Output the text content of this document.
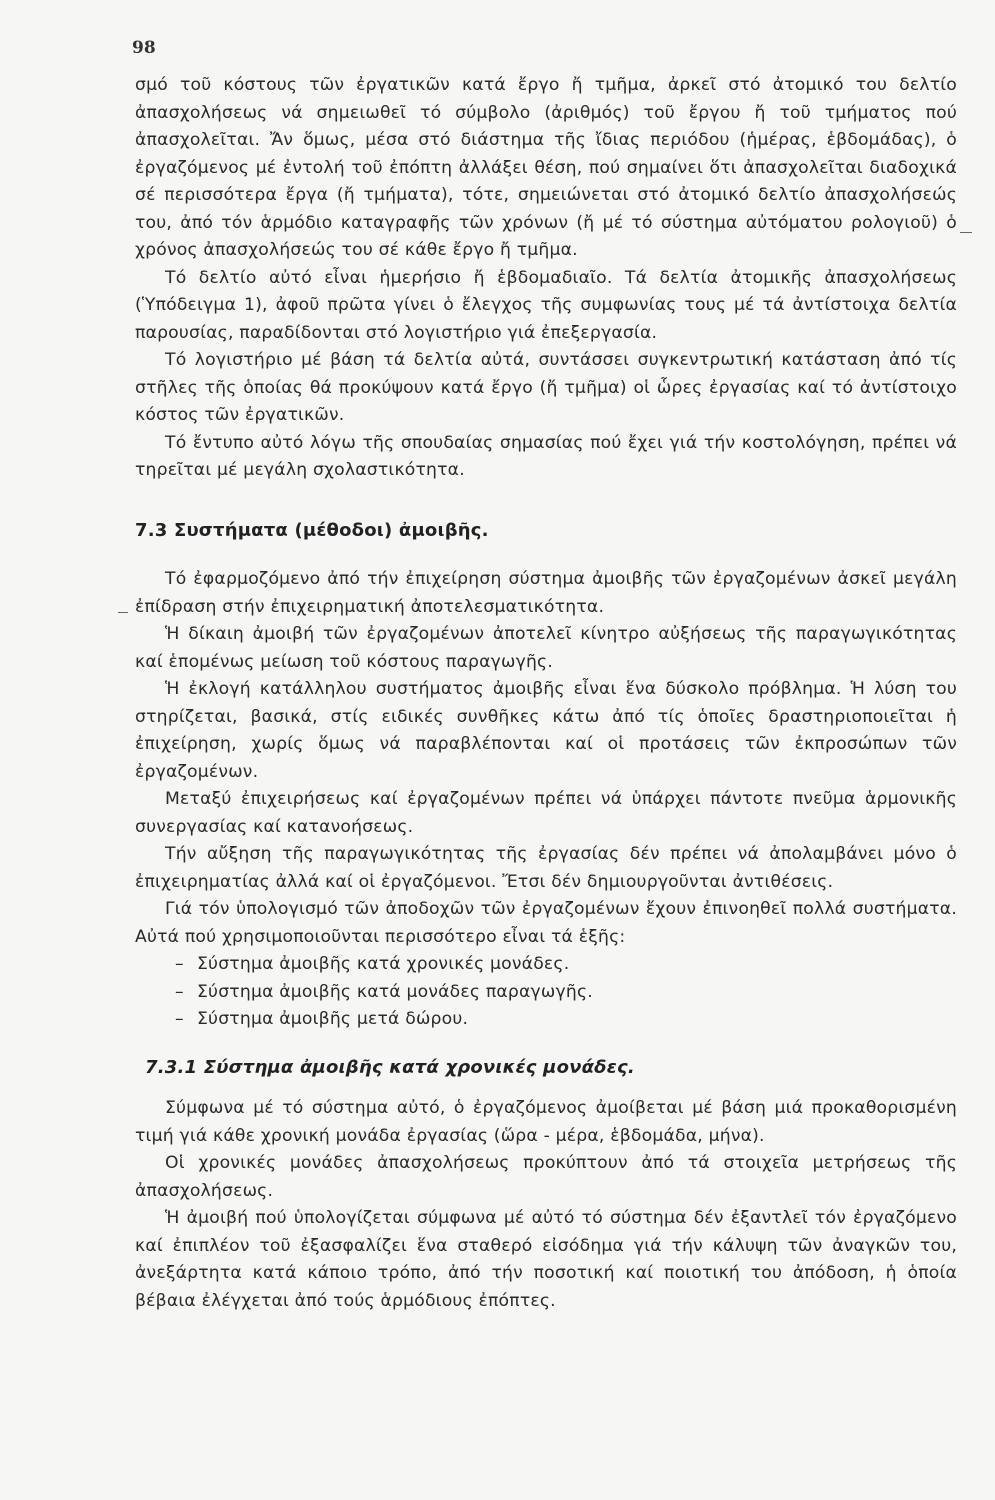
98

σμό τοῦ κόστους τῶν ἐργατικῶν κατά ἔργο ἤ τμῆμα, ἀρκεῖ στό ἀτομικό του δελτίο ἀπασχολήσεως νά σημειωθεῖ τό σύμβολο (ἀριθμός) τοῦ ἔργου ἤ τοῦ τμήματος πού ἀπασχολεῖται. Ἄν ὅμως, μέσα στό διάστημα τῆς ἴδιας περιόδου (ἡμέρας, ἑβδομάδας), ὁ ἐργαζόμενος μέ ἐντολή τοῦ ἐπόπτη ἀλλάξει θέση, πού σημαίνει ὅτι ἀπασχολεῖται διαδοχικά σέ περισσότερα ἔργα (ἤ τμήματα), τότε, σημειώνεται στό ἀτομικό δελτίο ἀπασχολήσεώς του, ἀπό τόν ἁρμόδιο καταγραφῆς τῶν χρόνων (ἤ μέ τό σύστημα αὐτόματου ρολογιοῦ) ὁ χρόνος ἀπασχολήσεώς του σέ κάθε ἔργο ἤ τμῆμα.

Τό δελτίο αὐτό εἶναι ἡμερήσιο ἤ ἑβδομαδιαῖο. Τά δελτία ἀτομικῆς ἀπασχολήσεως (Ὑπόδειγμα 1), ἀφοῦ πρῶτα γίνει ὁ ἔλεγχος τῆς συμφωνίας τους μέ τά ἀντίστοιχα δελτία παρουσίας, παραδίδονται στό λογιστήριο γιά ἐπεξεργασία.

Τό λογιστήριο μέ βάση τά δελτία αὐτά, συντάσσει συγκεντρωτική κατάσταση ἀπό τίς στῆλες τῆς ὁποίας θά προκύψουν κατά ἔργο (ἤ τμῆμα) οἱ ὧρες ἐργασίας καί τό ἀντίστοιχο κόστος τῶν ἐργατικῶν.

Τό ἔντυπο αὐτό λόγω τῆς σπουδαίας σημασίας πού ἔχει γιά τήν κοστολόγηση, πρέπει νά τηρεῖται μέ μεγάλη σχολαστικότητα.

7.3 Συστήματα (μέθοδοι) ἀμοιβῆς.

Τό ἐφαρμοζόμενο ἀπό τήν ἐπιχείρηση σύστημα ἀμοιβῆς τῶν ἐργαζομένων ἀσκεῖ μεγάλη ἐπίδραση στήν ἐπιχειρηματική ἀποτελεσματικότητα.

Ἡ δίκαιη ἀμοιβή τῶν ἐργαζομένων ἀποτελεῖ κίνητρο αὐξήσεως τῆς παραγωγικότητας καί ἑπομένως μείωση τοῦ κόστους παραγωγῆς.

Ἡ ἐκλογή κατάλληλου συστήματος ἀμοιβῆς εἶναι ἕνα δύσκολο πρόβλημα. Ἡ λύση του στηρίζεται, βασικά, στίς ειδικές συνθῆκες κάτω ἀπό τίς ὁποῖες δραστηριοποιεῖται ἡ ἐπιχείρηση, χωρίς ὅμως νά παραβλέπονται καί οἱ προτάσεις τῶν ἐκπροσώπων τῶν ἐργαζομένων.

Μεταξύ ἐπιχειρήσεως καί ἐργαζομένων πρέπει νά ὑπάρχει πάντοτε πνεῦμα ἁρμονικῆς συνεργασίας καί κατανοήσεως.

Τήν αὔξηση τῆς παραγωγικότητας τῆς ἐργασίας δέν πρέπει νά ἀπολαμβάνει μόνο ὁ ἐπιχειρηματίας ἀλλά καί οἱ ἐργαζόμενοι. Ἔτσι δέν δημιουργοῦνται ἀντιθέσεις.

Γιά τόν ὑπολογισμό τῶν ἀποδοχῶν τῶν ἐργαζομένων ἔχουν ἐπινοηθεῖ πολλά συστήματα. Αὐτά πού χρησιμοποιοῦνται περισσότερο εἶναι τά ἑξῆς:

– Σύστημα ἀμοιβῆς κατά χρονικές μονάδες.
– Σύστημα ἀμοιβῆς κατά μονάδες παραγωγῆς.
– Σύστημα ἀμοιβῆς μετά δώρου.
7.3.1 Σύστημα ἀμοιβῆς κατά χρονικές μονάδες.

Σύμφωνα μέ τό σύστημα αὐτό, ὁ ἐργαζόμενος ἀμοίβεται μέ βάση μιά προκαθορισμένη τιμή γιά κάθε χρονική μονάδα ἐργασίας (ὥρα - μέρα, ἑβδομάδα, μήνα).

Οἱ χρονικές μονάδες ἀπασχολήσεως προκύπτουν ἀπό τά στοιχεῖα μετρήσεως τῆς ἀπασχολήσεως.

Ἡ ἀμοιβή πού ὑπολογίζεται σύμφωνα μέ αὐτό τό σύστημα δέν ἐξαντλεῖ τόν ἐργαζόμενο καί ἐπιπλέον τοῦ ἐξασφαλίζει ἕνα σταθερό εἰσόδημα γιά τήν κάλυψη τῶν ἀναγκῶν του, ἀνεξάρτητα κατά κάποιο τρόπο, ἀπό τήν ποσοτική καί ποιοτική του ἀπόδοση, ἡ ὁποία βέβαια ἐλέγχεται ἀπό τούς ἁρμόδιους ἐπόπτες.
